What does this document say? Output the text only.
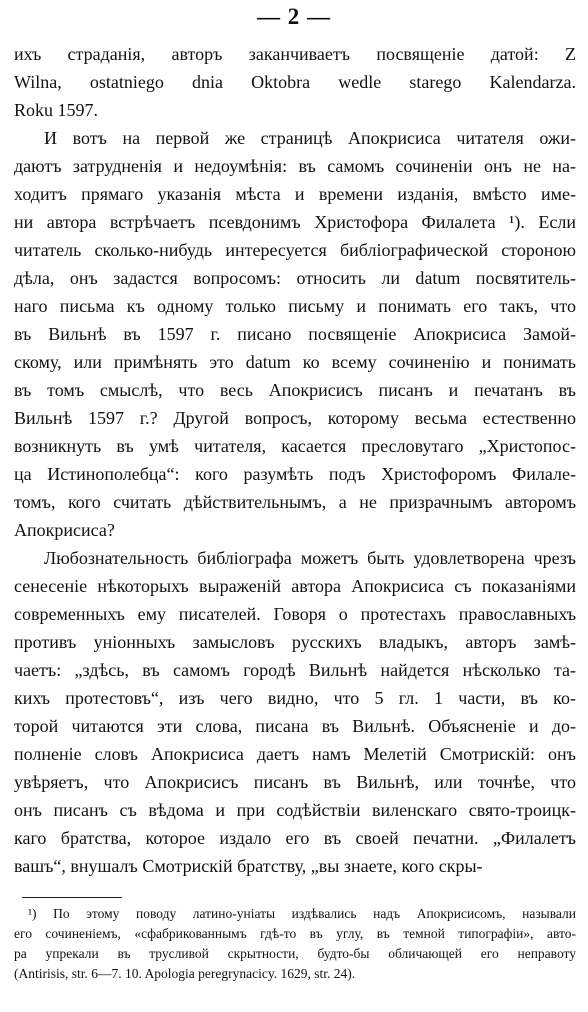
— 2 —
ихъ страданія, авторъ заканчиваетъ посвященіе датой: Z
Wilna, ostatniego dnia Oktobra wedle starego Kalendarza.
Roku 1597.
И вотъ на первой же страницѣ Апокрисиса читателя ожи-
даютъ затрудненія и недоумѣнія: въ самомъ сочиненіи онъ не на-
ходитъ прямаго указанія мѣста и времени изданія, вмѣсто име-
ни автора встрѣчаетъ псевдонимъ Христофора Филалета ¹). Если
читатель сколько-нибудь интересуется библіографической стороною
дѣла, онъ задастся вопросомъ: относить ли datum посвятитель-
наго письма къ одному только письму и понимать его такъ, что
въ Вильнѣ въ 1597 г. писано посвященіе Апокрисиса Замой-
скому, или примѣнять это datum ко всему сочиненію и понимать
въ томъ смыслѣ, что весь Апокрисисъ писанъ и печатанъ въ
Вильнѣ 1597 г.? Другой вопросъ, которому весьма естественно
возникнуть въ умѣ читателя, касается пресловутаго „Христопос-
ца Истинополебца“: кого разумѣть подъ Христофоромъ Филале-
томъ, кого считать дѣйствительнымъ, а не призрачнымъ авторомъ
Апокрисиса?
Любознательность библіографа можетъ быть удовлетворена чрезъ
сенесеніе нѣкоторыхъ выраженій автора Апокрисиса съ показаніями
современныхъ ему писателей. Говоря о протестахъ православныхъ
противъ уніонныхъ замысловъ русскихъ владыкъ, авторъ замѣ-
чаетъ: „здѣсь, въ самомъ городѣ Вильнѣ найдется нѣсколько та-
кихъ протестовъ“, изъ чего видно, что 5 гл. 1 части, въ ко-
торой читаются эти слова, писана въ Вильнѣ. Объясненіе и до-
полненіе словъ Апокрисиса даетъ намъ Мелетій Смотрискій: онъ
увѣряетъ, что Апокрисисъ писанъ въ Вильнѣ, или точнѣе, что
онъ писанъ съ вѣдома и при содѣйствіи виленскаго свято-троицк-
каго братства, которое издало его въ своей печатни. „Филалетъ
вашъ“, внушалъ Смотрискій братству, „вы знаете, кого скры-
¹) По этому поводу латино-уніаты издѣвались надъ Апокрисисомъ, называли
его сочиненіемъ, «сфабрикованнымъ гдѣ-то въ углу, въ темной типографіи», авто-
ра упрекали въ трусливой скрытности, будто-бы обличающей его неправоту
(Antirisis, str. 6—7. 10. Apologia peregrynacicy. 1629, str. 24).
